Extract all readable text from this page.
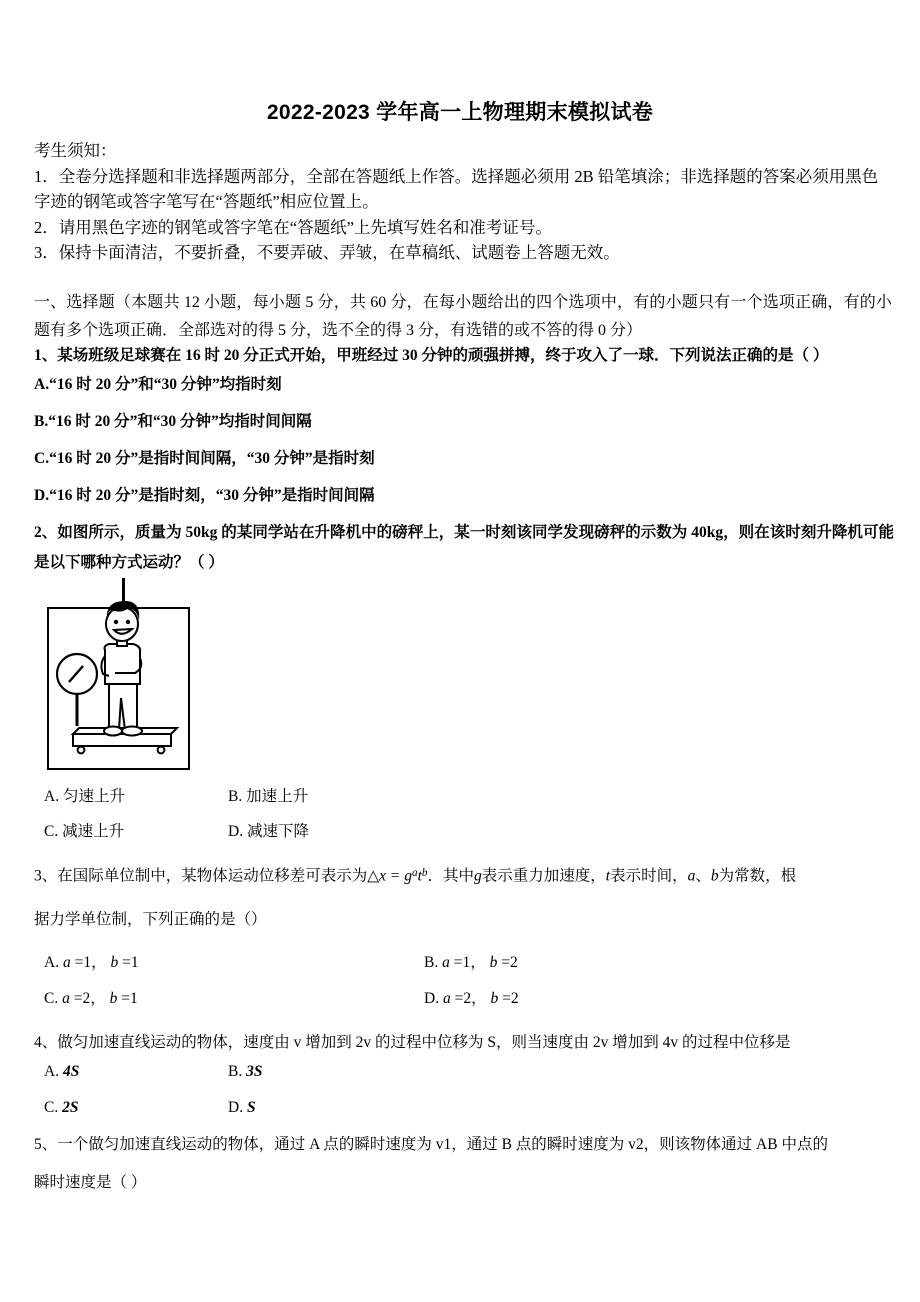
2022-2023 学年高一上物理期末模拟试卷
考生须知：
1．全卷分选择题和非选择题两部分，全部在答题纸上作答。选择题必须用 2B 铅笔填涂；非选择题的答案必须用黑色
字迹的钢笔或答字笔写在“答题纸”相应位置上。
2．请用黑色字迹的钢笔或答字笔在“答题纸”上先填写姓名和准考证号。
3．保持卡面清洁，不要折叠，不要弄破、弄皱，在草稿纸、试题卷上答题无效。
一、选择题（本题共 12 小题，每小题 5 分，共 60 分，在每小题给出的四个选项中，有的小题只有一个选项正确，有的小题有多个选项正确．全部选对的得 5 分，选不全的得 3 分，有选错的或不答的得 0 分）
1、某场班级足球赛在 16 时 20 分正式开始，甲班经过 30 分钟的顽强拼搏，终于攻入了一球．下列说法正确的是（ ）
A.“16 时 20 分”和“30 分钟”均指时刻
B.“16 时 20 分”和“30 分钟”均指时间间隔
C.“16 时 20 分”是指时间间隔，“30 分钟”是指时刻
D.“16 时 20 分”是指时刻，“30 分钟”是指时间间隔
2、如图所示，质量为 50kg 的某同学站在升降机中的磅秤上，某一时刻该同学发现磅秤的示数为 40kg，则在该时刻升降机可能是以下哪种方式运动？（ ）
A. 匀速上升	B. 加速上升
C. 减速上升	D. 减速下降
3、在国际单位制中，某物体运动位移差可表示为△x = $g^at^b$．其中g表示重力加速度，t表示时间，a、b为常数，根
据力学单位制，下列正确的是（）
A. a =1， b =1	B. a =1， b =2
C. a =2， b =1	D. a =2， b =2
4、做匀加速直线运动的物体，速度由 v 增加到 2v 的过程中位移为 S，则当速度由 2v 增加到 4v 的过程中位移是
A. 4S	B. 3S
C. 2S	D. S
5、一个做匀加速直线运动的物体，通过 A 点的瞬时速度为 v1，通过 B 点的瞬时速度为 v2，则该物体通过 AB 中点的
瞬时速度是（ ）
